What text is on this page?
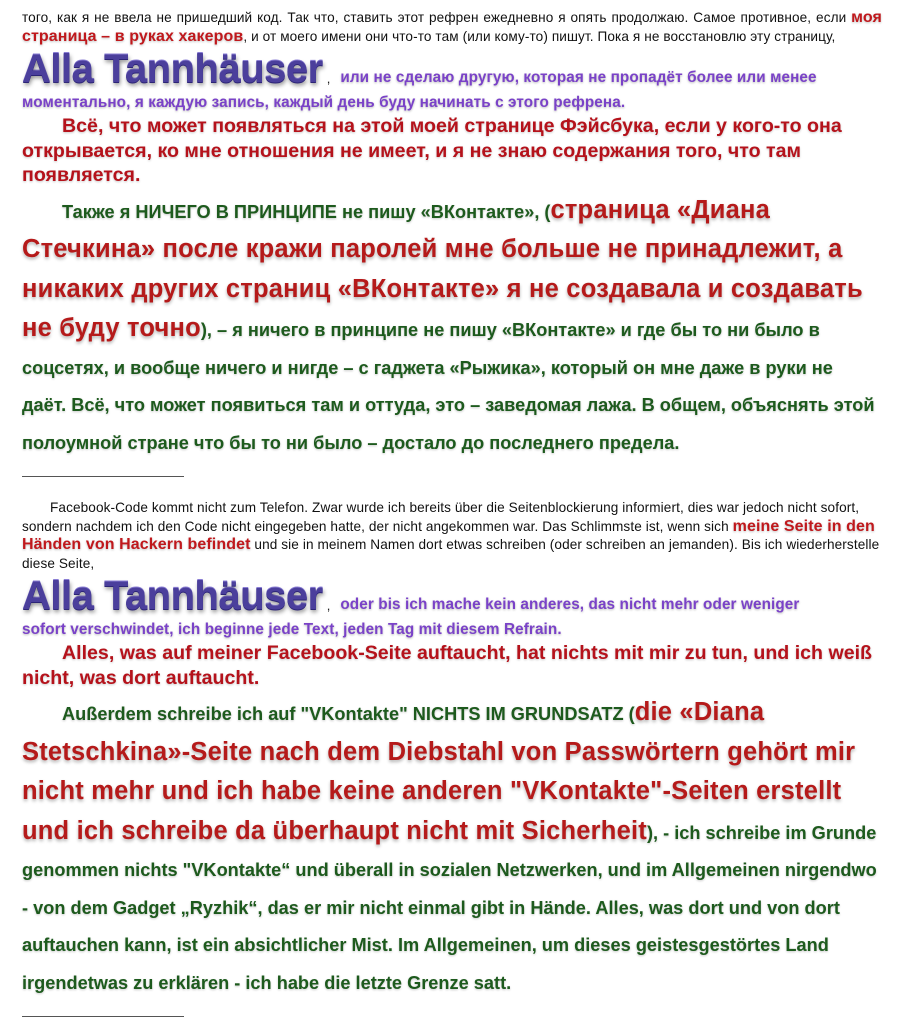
того, как я не ввела не пришедший код. Так что, ставить этот рефрен ежедневно я опять продолжаю. Самое противное, если моя страница – в руках хакеров, и от моего имени они что-то там (или кому-то) пишут. Пока я не восстановлю эту страницу,

Alla Tannhäuser , или не сделаю другую, которая не пропадёт более или менее

моментально, я каждую запись, каждый день буду начинать с этого рефрена.

Всё, что может появляться на этой моей странице Фэйсбука, если у кого-то она открывается, ко мне отношения не имеет, и я не знаю содержания того, что там появляется.

Также я НИЧЕГО В ПРИНЦИПЕ не пишу «ВКонтакте», (страница «Диана Стечкина» после кражи паролей мне больше не принадлежит, а никаких других страниц «ВКонтакте» я не создавала и создавать не буду точно), – я ничего в принципе не пишу «ВКонтакте» и где бы то ни было в соцсетях, и вообще ничего и нигде – с гаджета «Рыжика», который он мне даже в руки не даёт. Всё, что может появиться там и оттуда, это – заведомая лажа. В общем, объяснять этой полоумной стране что бы то ни было – достало до последнего предела.

Facebook-Code kommt nicht zum Telefon. Zwar wurde ich bereits über die Seitenblockierung informiert, dies war jedoch nicht sofort, sondern nachdem ich den Code nicht eingegeben hatte, der nicht angekommen war. Das Schlimmste ist, wenn sich meine Seite in den Händen von Hackern befindet und sie in meinem Namen dort etwas schreiben (oder schreiben an jemanden). Bis ich wiederherstelle diese Seite,

Alla Tannhäuser , oder bis ich mache kein anderes, das nicht mehr oder weniger

sofort verschwindet, ich beginne jede Text, jeden Tag mit diesem Refrain.

Alles, was auf meiner Facebook-Seite auftaucht, hat nichts mit mir zu tun, und ich weiß nicht, was dort auftaucht.

Außerdem schreibe ich auf "VKontakte" NICHTS IM GRUNDSATZ (die «Diana Stetschkina»-Seite nach dem Diebstahl von Passwörtern gehört mir nicht mehr und ich habe keine anderen "VKontakte"-Seiten erstellt und ich schreibe da überhaupt nicht mit Sicherheit), - ich schreibe im Grunde genommen nichts "VKontakte“ und überall in sozialen Netzwerken, und im Allgemeinen nirgendwo - von dem Gadget „Ryzhik“, das er mir nicht einmal gibt in Hände. Alles, was dort und von dort auftauchen kann, ist ein absichtlicher Mist. Im Allgemeinen, um dieses geistesgestörtes Land irgendetwas zu erklären - ich habe die letzte Grenze satt.
